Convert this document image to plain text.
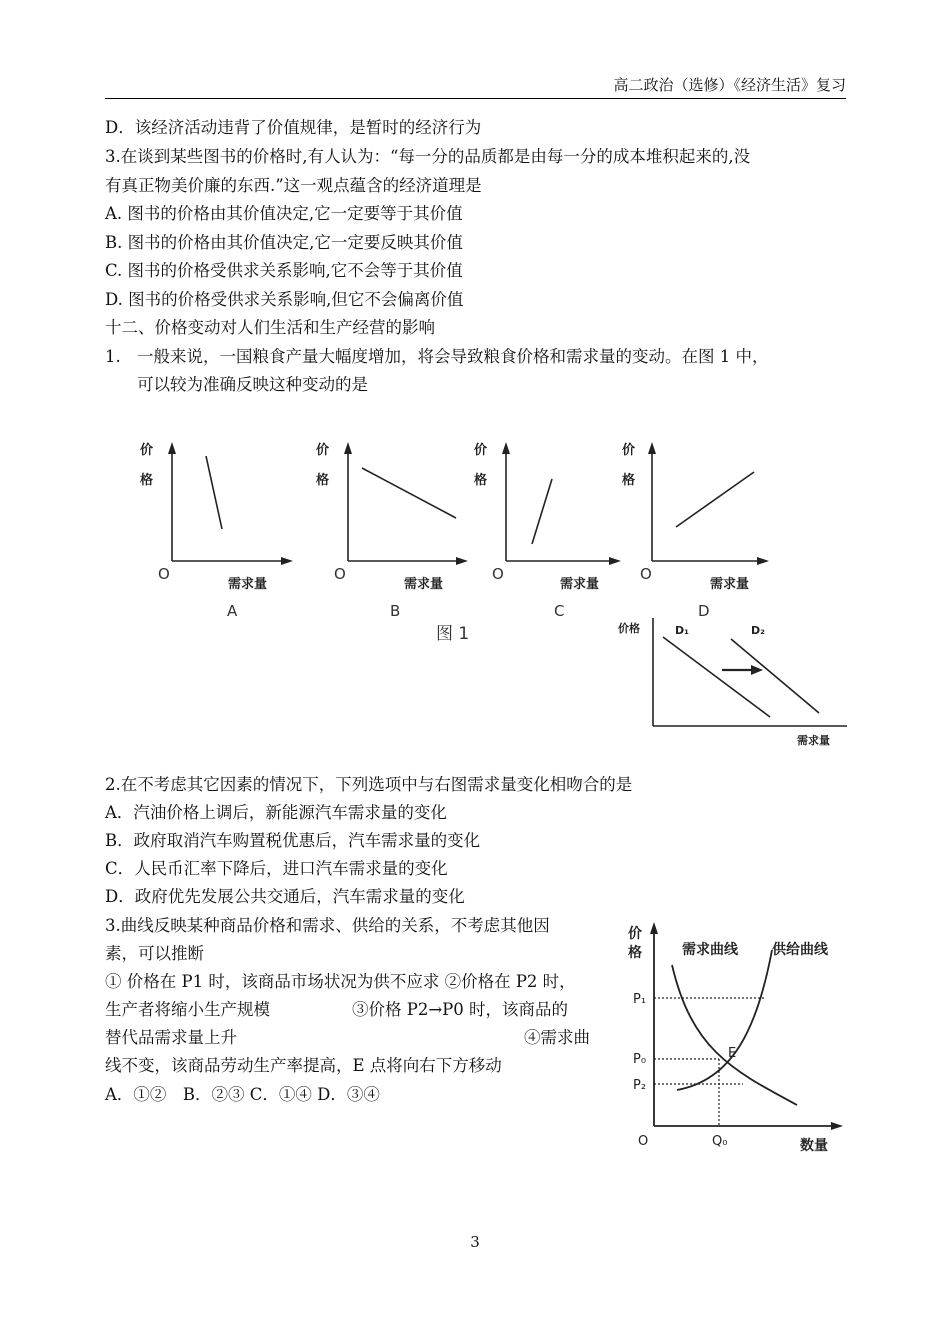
高二政治（选修）《经济生活》复习
D．该经济活动违背了价值规律，是暂时的经济行为
3.在谈到某些图书的价格时,有人认为：“每一分的品质都是由每一分的成本堆积起来的,没
有真正物美价廉的东西.”这一观点蕴含的经济道理是
A. 图书的价格由其价值决定,它一定要等于其价值
B. 图书的价格由其价值决定,它一定要反映其价值
C. 图书的价格受供求关系影响,它不会等于其价值
D. 图书的价格受供求关系影响,但它不会偏离价值
十二、价格变动对人们生活和生产经营的影响
1. 一般来说，一国粮食产量大幅度增加，将会导致粮食价格和需求量的变动。在图 1 中，
可以较为准确反映这种变动的是
价
格
价
格
价
格
价
格
需求量	需求量	需求量	需求量
O	O	O	O
A	B	C	D
图 1	价格	D₁	D₂
需求量
2.在不考虑其它因素的情况下，下列选项中与右图需求量变化相吻合的是
A．汽油价格上调后，新能源汽车需求量的变化
B．政府取消汽车购置税优惠后，汽车需求量的变化
C．人民币汇率下降后，进口汽车需求量的变化
D．政府优先发展公共交通后，汽车需求量的变化
3.曲线反映某种商品价格和需求、供给的关系，不考虑其他因
素，可以推断
① 价格在 P1 时，该商品市场状况为供不应求 ②价格在 P2 时，
生产者将缩小生产规模	③价格 P2→P0 时，该商品的
替代品需求量上升	④需求曲
线不变，该商品劳动生产率提高，E 点将向右下方移动
A．①②　B．②③ C．①④ D．③④
价
格	需求曲线 供给曲线
数量
P₁
P₀
P₂
E
O	Q₀
3
